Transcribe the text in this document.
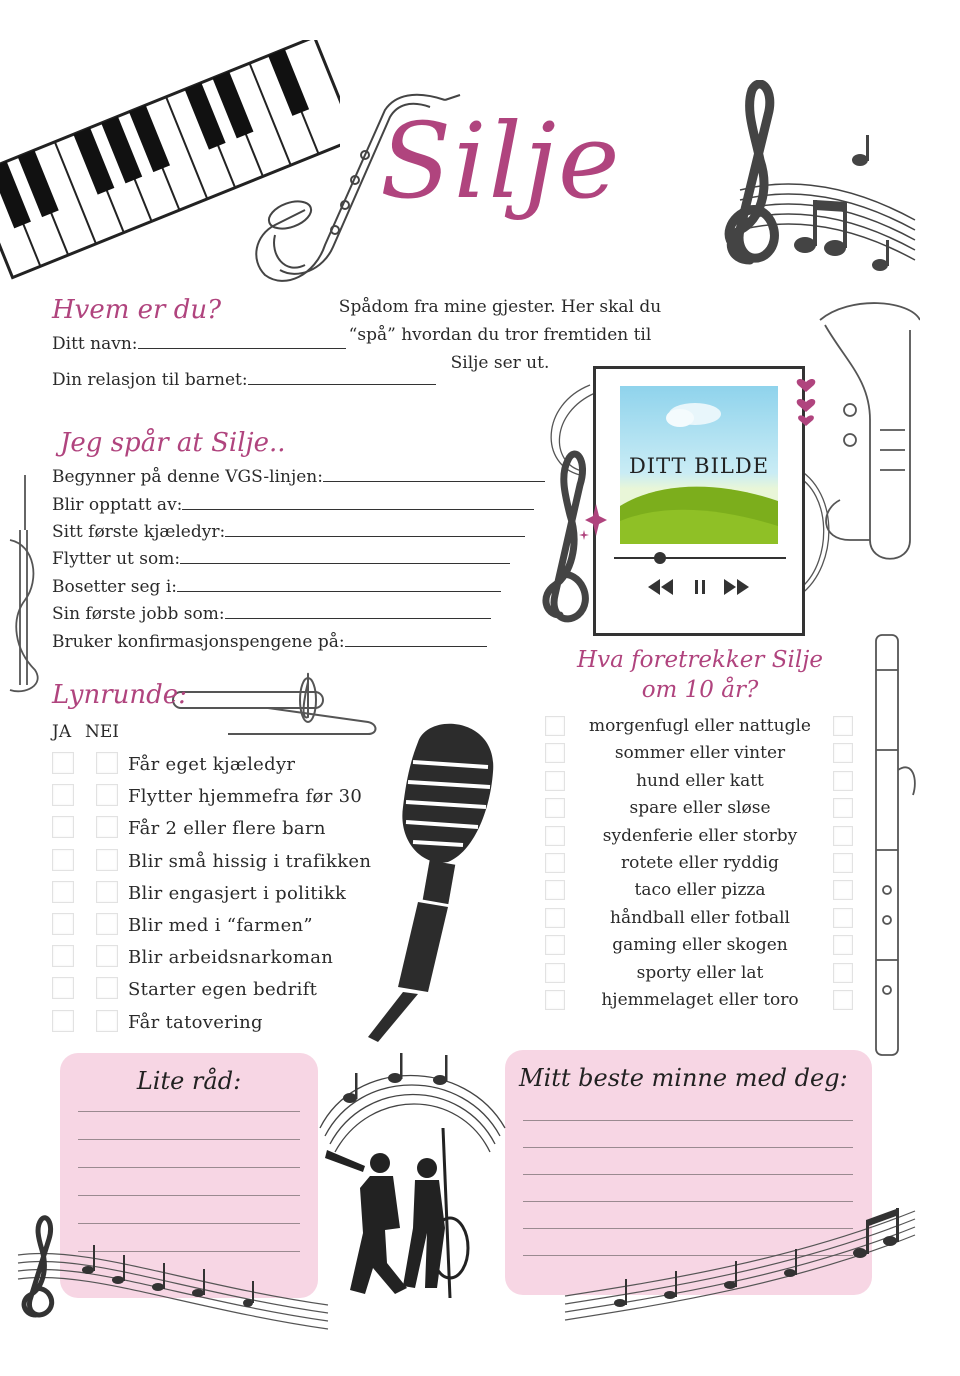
Silje
Hvem er du?
Ditt navn:
Din relasjon til barnet:
Spådom fra mine gjester. Her skal du “spå” hvordan du tror fremtiden til Silje ser ut.
Jeg spår at Silje..
Begynner på denne VGS-linjen:
Blir opptatt av:
Sitt første kjæledyr:
Flytter ut som:
Bosetter seg i:
Sin første jobb som:
Bruker konfirmasjonspengene på:
DITT BILDE
Lynrunde:
JA NEI
Får eget kjæledyr
Flytter hjemmefra før 30
Får 2 eller flere barn
Blir små hissig i trafikken
Blir engasjert i politikk
Blir med i “farmen”
Blir arbeidsnarkoman
Starter egen bedrift
Får tatovering
Hva foretrekker Silje
om 10 år?
morgenfugl eller nattugle
sommer eller vinter
hund eller katt
spare eller sløse
sydenferie eller storby
rotete eller ryddig
taco eller pizza
håndball eller fotball
gaming eller skogen
sporty eller lat
hjemmelaget eller toro
Lite råd:	Mitt beste minne med deg:
